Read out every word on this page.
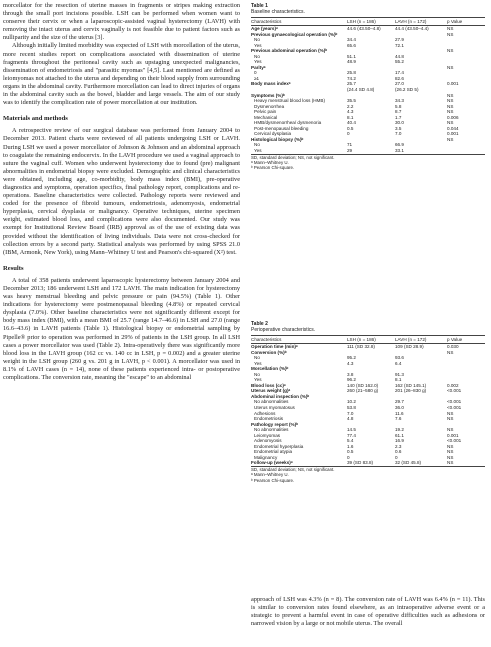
morcellator for the resection of uterine masses in fragments or stripes making extraction through the small port incisions possible. LSH can be performed when women want to conserve their cervix or when a laparoscopic-assisted vaginal hysterectomy (LAVH) with removing the intact uterus and cervix vaginally is not feasible due to patient factors such as nulliparity and the size of the uterus [3].

Although initially limited morbidity was expected of LSH with morcellation of the uterus, more recent studies report on complications associated with dissemination of uterine fragments throughout the peritoneal cavity such as upstaging unexpected malignancies, dissemination of endometriosis and "parasitic myomas" [4,5]. Last mentioned are defined as leiomyomas not attached to the uterus and depending on their blood supply from surrounding organs in the abdominal cavity. Furthermore morcellation can lead to direct injuries of organs in the abdominal cavity such as the bowel, bladder and large vessels. The aim of our study was to identify the complication rate of power morcellation at our institution.

Materials and methods

A retrospective review of our surgical database was performed from January 2004 to December 2013. Patient charts were reviewed of all patients undergoing LSH or LAVH. During LSH we used a power morcellator of Johnson & Johnson and an abdominal approach to coagulate the remaining endocervix. In the LAVH procedure we used a vaginal approach to suture the vaginal cuff. Women who underwent hysterectomy due to found (pre) malignant abnormalities in endometrial biopsy were excluded. Demographic and clinical characteristics were obtained, including age, co-morbidity, body mass index (BMI), pre-operative diagnostics and symptoms, operation specifics, final pathology report, complications and re-operations. Baseline characteristics were collected. Pathology reports were reviewed and coded for the presence of fibroid tumours, endometriosis, adenomyosis, endometrial hyperplasia, cervical dysplasia or malignancy. Operative techniques, uterine specimen weight, estimated blood loss, and complications were also documented. Our study was exempt for Institutional Review Board (IRB) approval as of the use of existing data was provided without the identification of living individuals. Data were not cross-checked for collection errors by a second party. Statistical analysis was performed by using SPSS 21.0 (IBM, Armonk, New York), using Mann–Whitney U test and Pearson's chi-squared (X²) test.

Results

A total of 358 patients underwent laparoscopic hysterectomy between January 2004 and December 2013; 186 underwent LSH and 172 LAVH. The main indication for hysterectomy was heavy menstrual bleeding and pelvic pressure or pain (94.5%) (Table 1). Other indications for hysterectomy were postmenopausal bleeding (4.8%) or repeated cervical dysplasia (7.0%). Other baseline characteristics were not significantly different except for body mass index (BMI), with a mean BMI of 25.7 (range 14.7–46.6) in LSH and 27.0 (range 16.6–43.6) in LAVH patients (Table 1). Histological biopsy or endometrial sampling by Pipelle® prior to operation was performed in 29% of patients in the LSH group. In all LSH cases a power morcellator was used (Table 2). Intra-operatively there was significantly more blood loss in the LAVH group (162 cc vs. 140 cc in LSH, p = 0.002) and a greater uterine weight in the LSH group (260 g vs. 201 g in LAVH, p < 0.001). A morcellator was used in 8.1% of LAVH cases (n = 14), none of these patients experienced intra- or postoperative complications. The conversion rate, meaning the "escape" to an abdominal

Table 1
Baseline characteristics.
Characteristics	LSH (n = 186)	LAVH (n = 172)	p Value
Age (years)ᵃ	44.6 (43.50–4.8)	44.4 (43.50–4.4)	NS
Previous gynaecological operation (%)ᵇ			NS
No	34.4	27.9	
Yes	65.6	72.1	
Previous abdominal operation (%)ᵇ			NS
No	51.1	44.8	
Yes	48.9	55.2	
Parityᵃ			NS
0	25.8	17.4	
≥1	74.2	82.6	
Body mass indexᵃ	25.7	27.0	0.001
	(24.4 SD 4.8)	(26.2 SD 5)	
Symptoms (%)ᵇ			NS
Heavy menstrual blood loss (HMB)	35.5	34.3	NS
Dysmenorrhea	2.2	5.8	NS
Pelvic pain	4.3	8.7	NS
Mechanical	8.1	1.7	0.006
HMB/dysmenorrhea/ dysmenoria	40.4	30.0	NS
Post-menopausal bleeding	0.5	3.5	0.044
Cervical dysplasia	0	7.0	0.001
Histological biopsy (%)ᵇ			NS
No	71	66.9	
Yes	29	33.1	
SD, standard deviation; NS, not significant.
ᵃ Mann–Whitney U.
ᵇ Pearson Chi-square.
Table 2
Perioperative characteristics.
Characteristics	LSH (n = 186)	LAVH (n = 172)	p Value
Operation time (min)ᵃ	111 (SD 32.8)	109 (SD 28.9)	0.030
Conversion (%)ᵇ			NS
No	95.2	93.6	
Yes	4.3	6.4	
Morcellation (%)ᵇ			
No	3.8	91.3	
Yes	96.2	8.1	
Blood loss (cc)ᵃ	140 (SD 162.0)	162 (SD 145.1)	0.002
Uterus weight (g)ᵃ	260 (21–580 g)	201 (26–830 g)	<0.001
Abdominal inspection (%)ᵇ			
No abnormalities	10.2	29.7	<0.001
Uterus myomatosus	53.8	36.0	<0.001
Adhesions	7.0	11.6	NS
Endometriosis	4.8	7.6	NS
Pathology report (%)ᵇ			
No abnormalities	14.5	19.2	NS
Leiomyomas	77.4	61.1	0.001
Adenomyosis	5.4	16.9	<0.001
Endometrial hyperplasia	1.6	2.3	NS
Endometrial atypia	0.5	0.6	NS
Malignancy	0	0	NS
Follow-up (weeks)ᵃ	39 (SD 83.8)	32 (SD 45.8)	NS
SD, standard deviation; NS, not significant.
ᵃ Mann–Whitney U.
ᵇ Pearson Chi-square.

approach of LSH was 4.3% (n = 8). The conversion rate of LAVH was 6.4% (n = 11). This is similar to conversion rates found elsewhere, as an intraoperative adverse event or a strategic to prevent a harmful event in case of operative difficulties such as adhesions or narrowed vision by a large or not mobile uterus. The overall
